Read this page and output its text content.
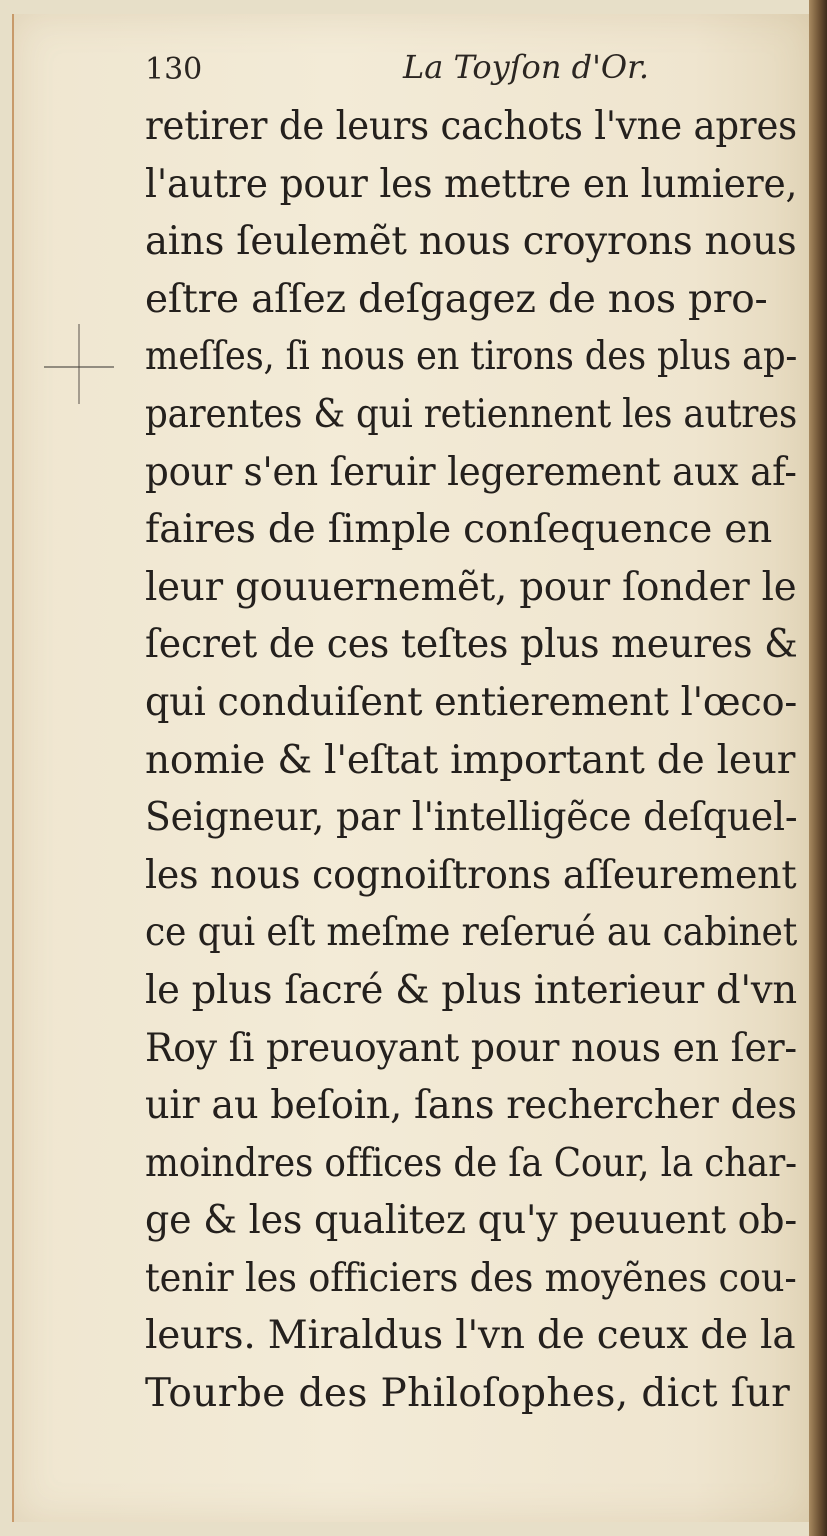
130	La Toyſon d'Or.
retirer de leurs cachots l'vne apres
l'autre pour les mettre en lumiere,
ains ſeulemẽt nous croyrons nous
eſtre aſſez deſgagez de nos pro-
meſſes, ſi nous en tirons des plus ap-
parentes & qui retiennent les autres
pour s'en ſeruir legerement aux af-
faires de ſimple conſequence en
leur gouuernemẽt, pour ſonder le
ſecret de ces teſtes plus meures &
qui conduiſent entierement l'œco-
nomie & l'eſtat important de leur
Seigneur, par l'intelligẽce deſquel-
les nous cognoiſtrons aſſeurement
ce qui eſt meſme reſerué au cabinet
le plus ſacré & plus interieur d'vn
Roy ſi preuoyant pour nous en ſer-
uir au beſoin, ſans rechercher des
moindres offices de ſa Cour, la char-
ge & les qualitez qu'y peuuent ob-
tenir les officiers des moyẽnes cou-
leurs. Miraldus l'vn de ceux de la
Tourbe des Philoſophes, dict ſur
